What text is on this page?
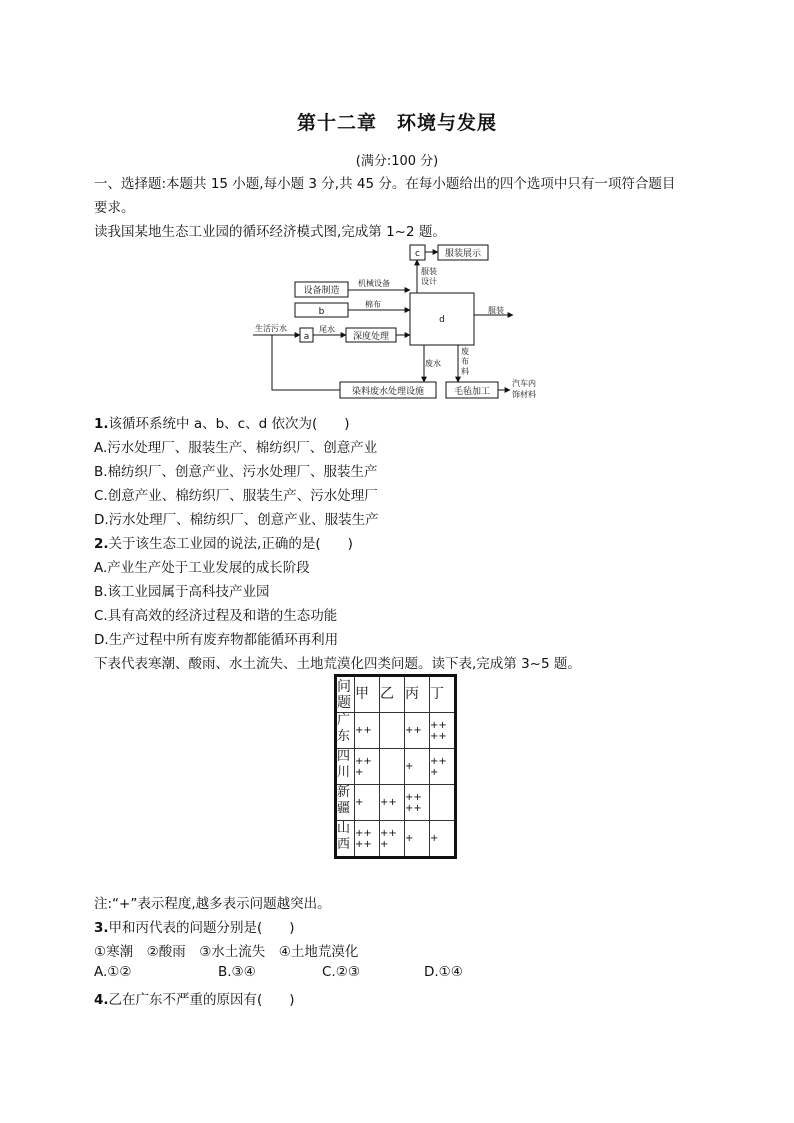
第十二章　环境与发展
(满分:100 分)
一、选择题:本题共 15 小题,每小题 3 分,共 45 分。在每小题给出的四个选项中只有一项符合题目
要求。
读我国某地生态工业园的循环经济模式图,完成第 1~2 题。
c	服装展示
服装
设计
设备制造
机械设备
b
棉布
d
服装
生活污水
a
尾水
深度处理
废水
废
布
料
染料废水处理设施	毛毡加工
汽车内
饰材料
1.该循环系统中 a、b、c、d 依次为(　　)
A.污水处理厂、服装生产、棉纺织厂、创意产业
B.棉纺织厂、创意产业、污水处理厂、服装生产
C.创意产业、棉纺织厂、服装生产、污水处理厂
D.污水处理厂、棉纺织厂、创意产业、服装生产
2.关于该生态工业园的说法,正确的是(　　)
A.产业生产处于工业发展的成长阶段
B.该工业园属于高科技产业园
C.具有高效的经济过程及和谐的生态功能
D.生产过程中所有废弃物都能循环再利用
下表代表寒潮、酸雨、水土流失、土地荒漠化四类问题。读下表,完成第 3~5 题。
问题	甲	乙	丙	丁
广东	++		++	++++
四川	+++		+	+++
新疆	+	++	++++	
山西	++++	+++	+	+
注:“+”表示程度,越多表示问题越突出。
3.甲和丙代表的问题分别是(　　)
①寒潮　②酸雨　③水土流失　④土地荒漠化
A.①②	B.③④	C.②③	D.①④
4.乙在广东不严重的原因有(　　)
